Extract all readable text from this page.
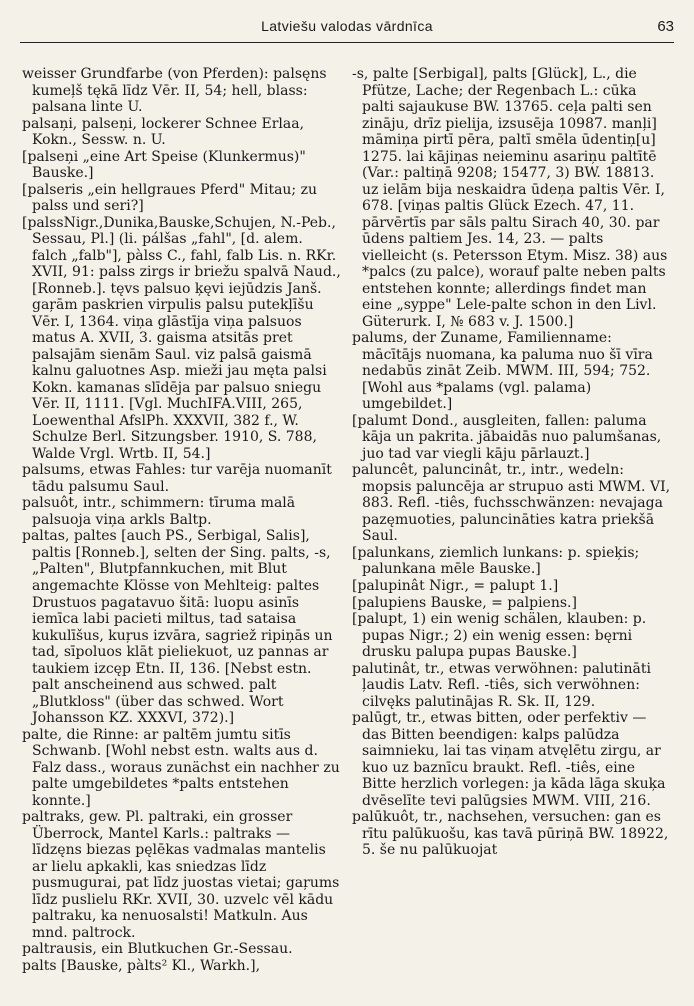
Latviešu valodas vārdnīca	63

weisser Grundfarbe (von Pferden): palsęns kumeļš tękā līdz Vēr. II, 54; hell, blass: palsana linte U.

palsaņi, palseņi, lockerer Schnee Erlaa, Kokn., Sessw. n. U.

[palseņi „eine Art Speise (Klunkermus)" Bauske.]

[palseris „ein hellgraues Pferd" Mitau; zu palss und seri?]

[palssNigr.,Dunika,Bauske,Schujen, N.-Peb., Sessau, Pl.] (li. pálšas „fahl", [d. alem. falch „falb"], pàlss C., fahl, falb Lis. n. RKr. XVII, 91: palss zirgs ir briežu spalvā Naud., [Ronneb.]. tęvs palsuo ķęvi iejūdzis Janš. gaŗām paskrien virpulis palsu putekļīšu Vēr. I, 1364. viņa glāstīja viņa palsuos matus A. XVII, 3. gaisma atsitās pret palsajām sienām Saul. viz palsā gaismā kalnu galuotnes Asp. mieži jau męta palsi Kokn. kamanas slīdēja par palsuo sniegu Vēr. II, 1111. [Vgl. MuchIFA.VIII, 265, Loewenthal AfslPh. XXXVII, 382 f., W. Schulze Berl. Sitzungsber. 1910, S. 788, Walde Vrgl. Wrtb. II, 54.]

palsums, etwas Fahles: tur varēja nuomanīt tādu palsumu Saul.

palsuôt, intr., schimmern: tīruma malā palsuoja viņa arkls Baltp.

paltas, paltes [auch PS., Serbigal, Salis], paltis [Ronneb.], selten der Sing. palts, -s, „Palten", Blutpfannkuchen, mit Blut angemachte Klösse von Mehlteig: paltes Drustuos pagatavuo šitā: luopu asinīs iemīca labi pacieti miltus, tad sataisa kukulīšus, kuŗus izvāra, sagriež ripiņās un tad, sīpoluos klāt pieliekuot, uz pannas ar taukiem izcęp Etn. II, 136. [Nebst estn. palt anscheinend aus schwed. palt „Blutkloss" (über das schwed. Wort Johansson KZ. XXXVI, 372).]

palte, die Rinne: ar paltēm jumtu sitīs Schwanb. [Wohl nebst estn. walts aus d. Falz dass., woraus zunächst ein nachher zu palte umgebildetes *palts entstehen konnte.]

paltraks, gew. Pl. paltraki, ein grosser Überrock, Mantel Karls.: paltraks — līdzęns biezas pęlēkas vadmalas mantelis ar lielu apkakli, kas sniedzas līdz pusmugurai, pat līdz juostas vietai; gaŗums līdz puslielu RKr. XVII, 30. uzvelc vēl kādu paltraku, ka nenuosalsti! Matkuln. Aus mnd. paltrock.

paltrausis, ein Blutkuchen Gr.-Sessau.

palts [Bauske, pàlts² Kl., Warkh.],

-s, palte [Serbigal], palts [Glück], L., die Pfütze, Lache; der Regenbach L.: cūka palti sajaukuse BW. 13765. ceļa palti sen zināju, drīz pielija, izsusēja 10987. manļi] māmiņa pirtī pēra, paltī smēla ūdentiņ[u] 1275. lai kājiņas neieminu asariņu paltītē (Var.: paltiņā 9208; 15477, 3) BW. 18813. uz ielām bija neskaidra ūdeņa paltis Vēr. I, 678. [viņas paltis Glück Ezech. 47, 11. pārvērtīs par sāls paltu Sirach 40, 30. par ūdens paltiem Jes. 14, 23. — palts vielleicht (s. Petersson Etym. Misz. 38) aus *palcs (zu palce), worauf palte neben palts entstehen konnte; allerdings findet man eine „syppe" Lele-palte schon in den Livl. Güterurk. I, № 683 v. J. 1500.]

palums, der Zuname, Familienname: mācītājs nuomana, ka paluma nuo šī vīra nedabūs zināt Zeib. MWM. III, 594; 752. [Wohl aus *palams (vgl. palama) umgebildet.]

[palumt Dond., ausgleiten, fallen: paluma kāja un pakrita. jābaidās nuo palumšanas, juo tad var viegli kāju pārlauzt.]

paluncêt, paluncinât, tr., intr., wedeln: mopsis paluncēja ar strupuo asti MWM. VI, 883. Refl. -tiês, fuchsschwänzen: nevajaga pazęmuoties, paluncināties katra priekšā Saul.

[palunkans, ziemlich lunkans: p. spieķis; palunkana mēle Bauske.]

[palupinât Nigr., = palupt 1.]

[palupiens Bauske, = palpiens.]

[palupt, 1) ein wenig schälen, klauben: p. pupas Nigr.; 2) ein wenig essen: bęrni drusku palupa pupas Bauske.]

palutinât, tr., etwas verwöhnen: palutināti ļaudis Latv. Refl. -tiês, sich verwöhnen: cilvęks palutinājas R. Sk. II, 129.

palūgt, tr., etwas bitten, oder perfektiv — das Bitten beendigen: kalps palūdza saimnieku, lai tas viņam atvęlētu zirgu, ar kuo uz baznīcu braukt. Refl. -tiês, eine Bitte herzlich vorlegen: ja kāda lāga skuķa dvēselīte tevi palūgsies MWM. VIII, 216.

palūkuôt, tr., nachsehen, versuchen: gan es rītu palūkuošu, kas tavā pūriņā BW. 18922, 5. še nu palūkuojat
